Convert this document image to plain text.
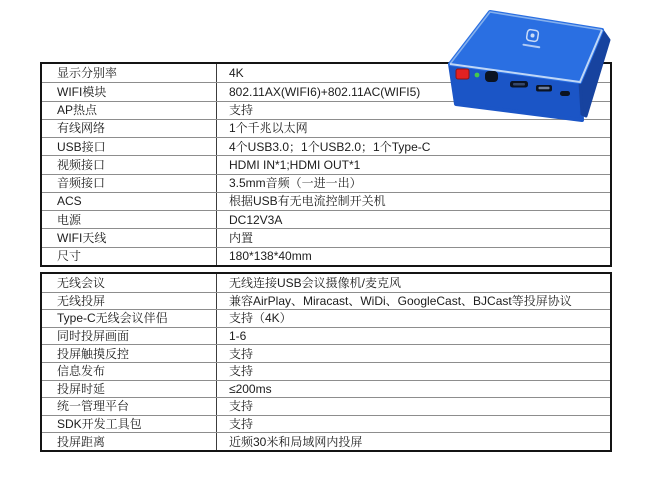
显示分别率	4K
WIFI模块	802.11AX(WIFI6)+802.11AC(WIFI5)
AP热点	支持
有线网络	1个千兆以太网
USB接口	4个USB3.0；1个USB2.0；1个Type-C
视频接口	HDMI IN*1;HDMI OUT*1
音频接口	3.5mm音频（一进一出）
ACS	根据USB有无电流控制开关机
电源	DC12V3A
WIFI天线	内置
尺寸	180*138*40mm
无线会议	无线连接USB会议摄像机/麦克风
无线投屏	兼容AirPlay、Miracast、WiDi、GoogleCast、BJCast等投屏协议
Type-C无线会议伴侣	支持（4K）
同时投屏画面	1-6
投屏触摸反控	支持
信息发布	支持
投屏时延	≤200ms
统一管理平台	支持
SDK开发工具包	支持
投屏距离	近频30米和局域网内投屏
